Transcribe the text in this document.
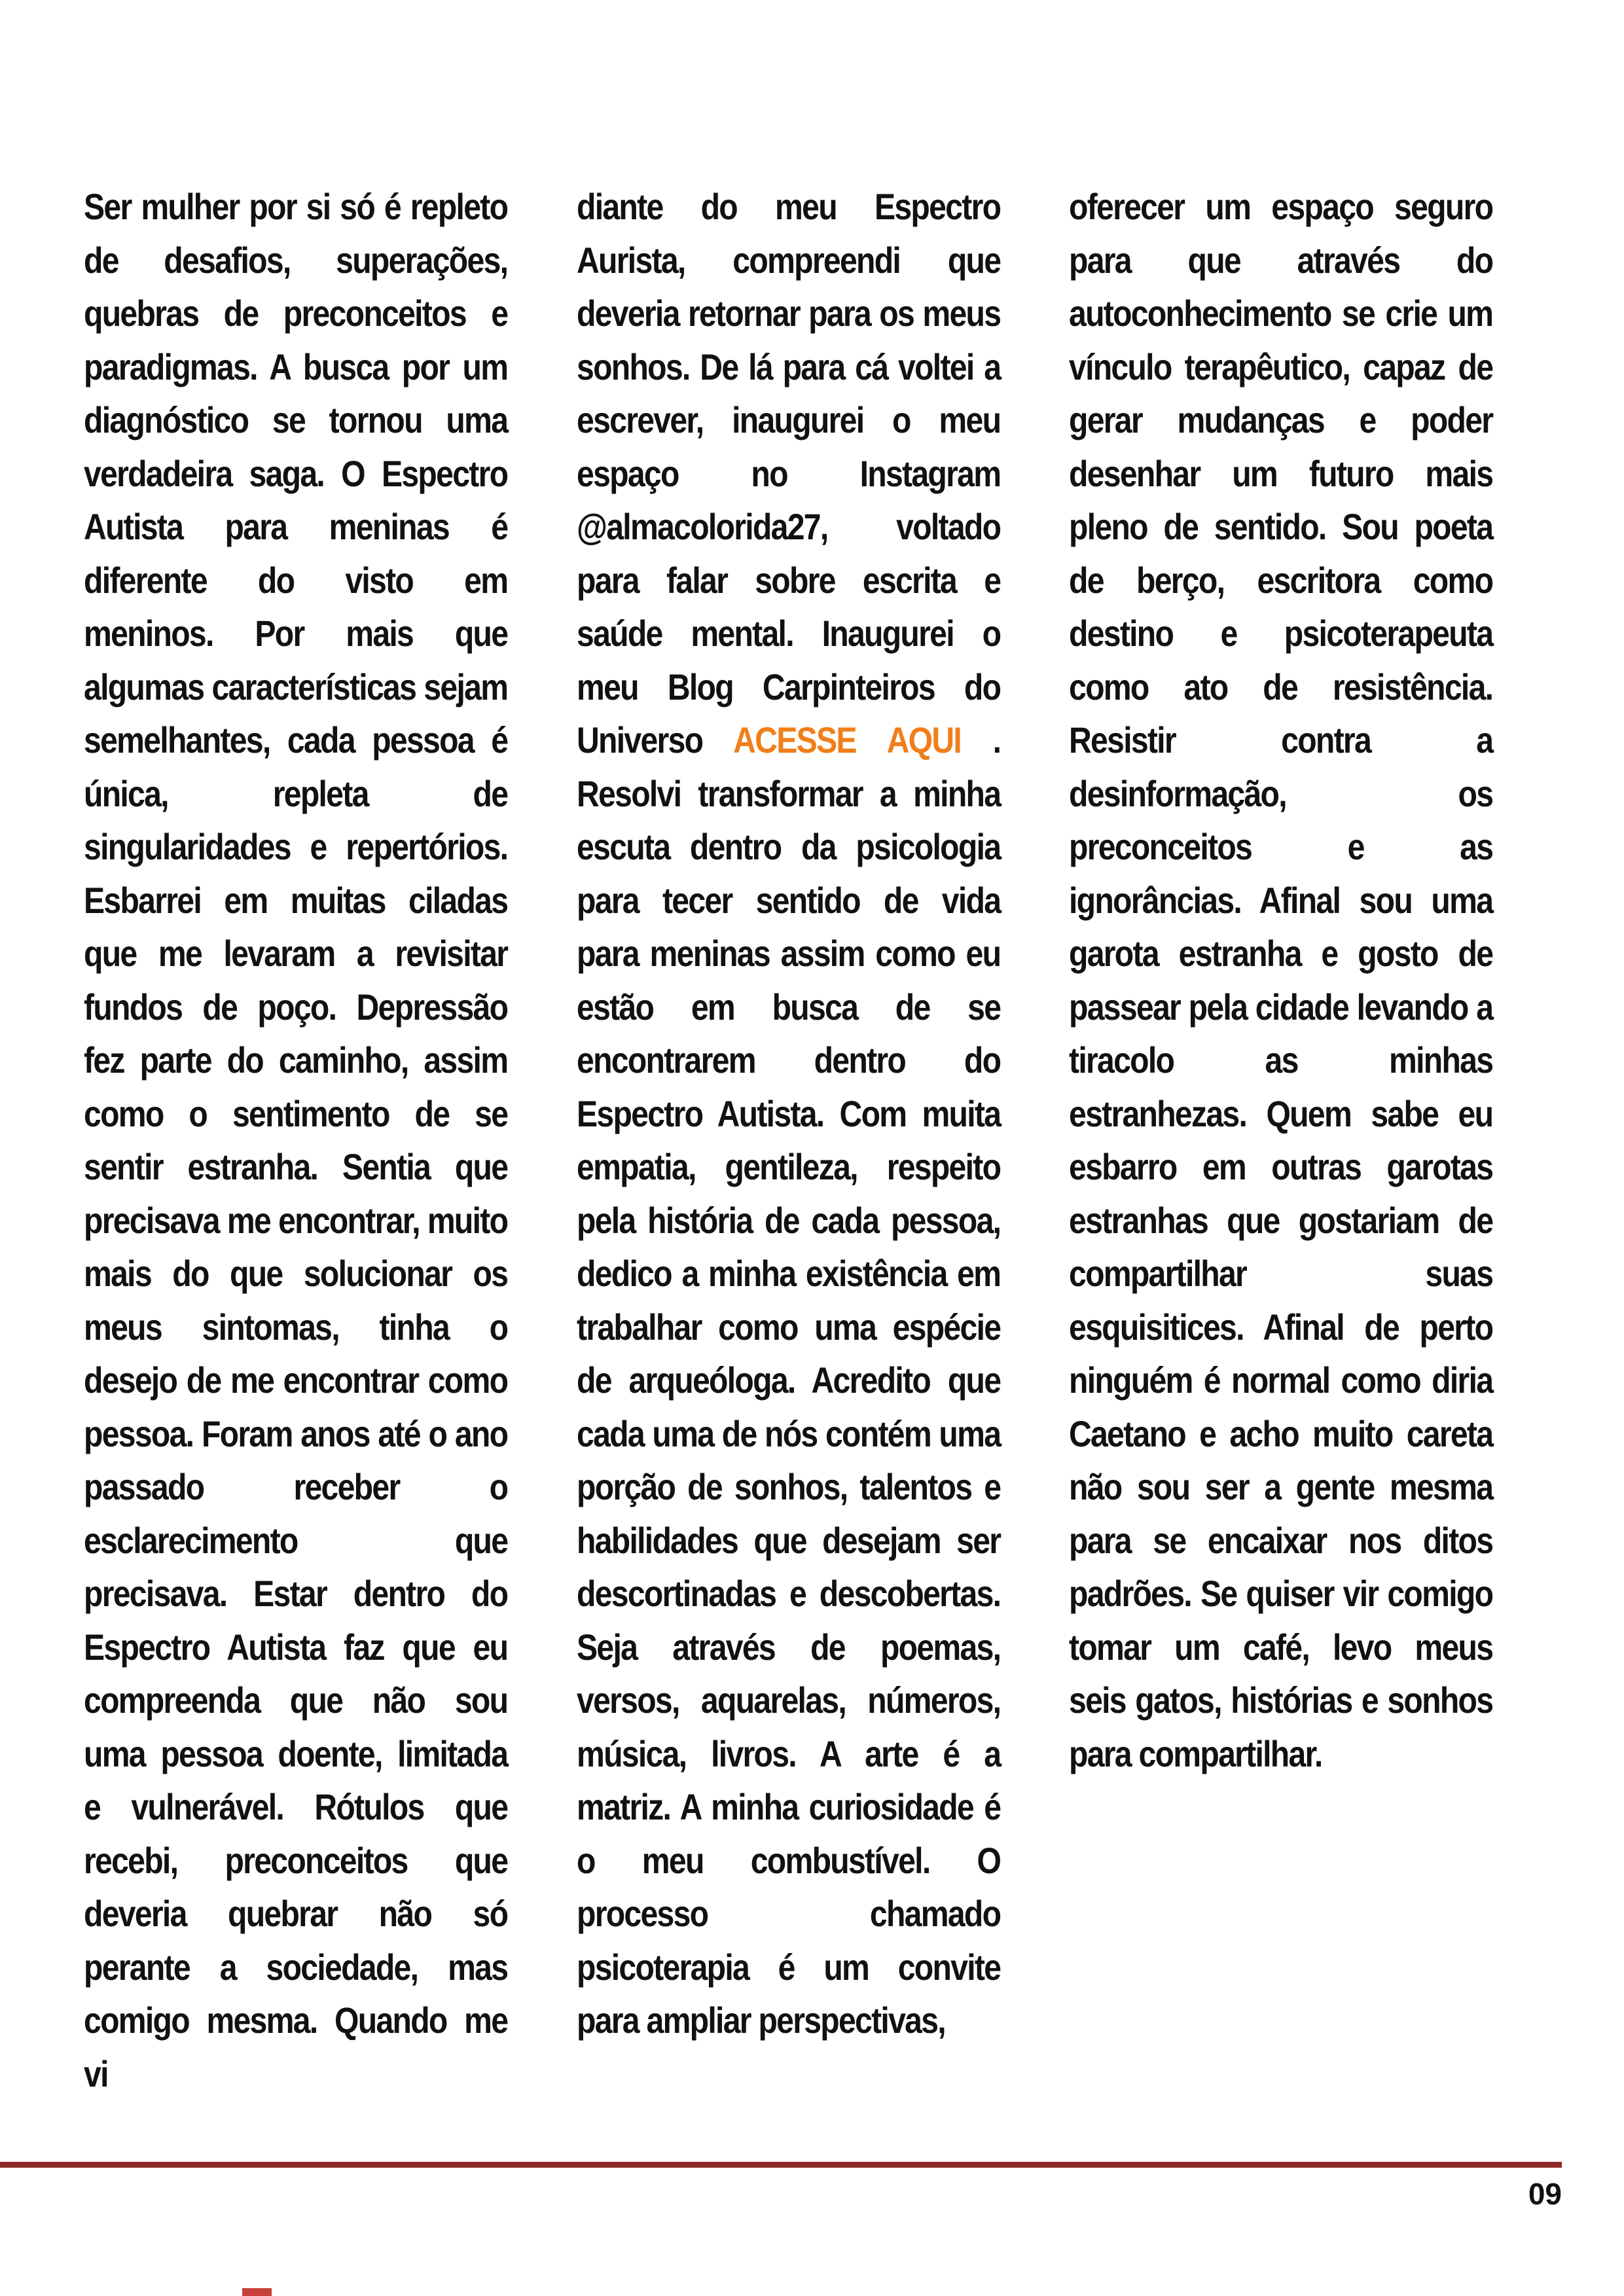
Ser mulher por si só é repleto de desafios, superações, quebras de preconceitos e paradigmas. A busca por um diagnóstico se tornou uma verdadeira saga. O Espectro Autista para meninas é diferente do visto em meninos. Por mais que algumas características sejam semelhantes, cada pessoa é única, repleta de singularidades e repertórios. Esbarrei em muitas ciladas que me levaram a revisitar fundos de poço. Depressão fez parte do caminho, assim como o sentimento de se sentir estranha. Sentia que precisava me encontrar, muito mais do que solucionar os meus sintomas, tinha o desejo de me encontrar como pessoa. Foram anos até o ano passado receber o esclarecimento que precisava. Estar dentro do Espectro Autista faz que eu compreenda que não sou uma pessoa doente, limitada e vulnerável. Rótulos que recebi, preconceitos que deveria quebrar não só perante a sociedade, mas comigo mesma. Quando me vi

diante do meu Espectro Aurista, compreendi que deveria retornar para os meus sonhos. De lá para cá voltei a escrever, inaugurei o meu espaço no Instagram @almacolorida27, voltado para falar sobre escrita e saúde mental. Inaugurei o meu Blog Carpinteiros do Universo ACESSE AQUI . Resolvi transformar a minha escuta dentro da psicologia para tecer sentido de vida para meninas assim como eu estão em busca de se encontrarem dentro do Espectro Autista. Com muita empatia, gentileza, respeito pela história de cada pessoa, dedico a minha existência em trabalhar como uma espécie de arqueóloga. Acredito que cada uma de nós contém uma porção de sonhos, talentos e habilidades que desejam ser descortinadas e descobertas. Seja através de poemas, versos, aquarelas, números, música, livros. A arte é a matriz. A minha curiosidade é o meu combustível. O processo chamado psicoterapia é um convite para ampliar perspectivas,

oferecer um espaço seguro para que através do autoconhecimento se crie um vínculo terapêutico, capaz de gerar mudanças e poder desenhar um futuro mais pleno de sentido. Sou poeta de berço, escritora como destino e psicoterapeuta como ato de resistência. Resistir contra a desinformação, os preconceitos e as ignorâncias. Afinal sou uma garota estranha e gosto de passear pela cidade levando a tiracolo as minhas estranhezas. Quem sabe eu esbarro em outras garotas estranhas que gostariam de compartilhar suas esquisitices. Afinal de perto ninguém é normal como diria Caetano e acho muito careta não sou ser a gente mesma para se encaixar nos ditos padrões. Se quiser vir comigo tomar um café, levo meus seis gatos, histórias e sonhos para compartilhar.

09
